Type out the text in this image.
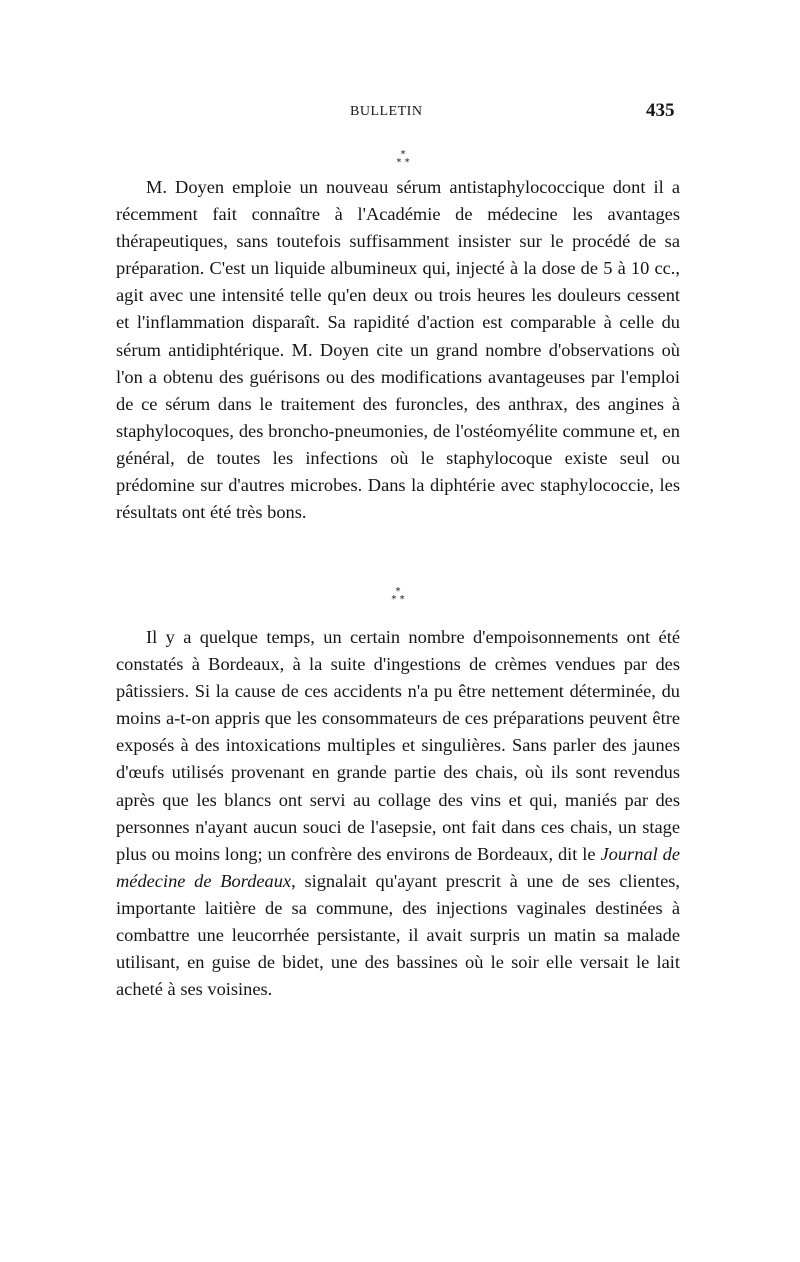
BULLETIN	435
*
* *

M. Doyen emploie un nouveau sérum antistaphylococcique dont il a récemment fait connaître à l'Académie de médecine les avantages thérapeutiques, sans toutefois suffisamment insister sur le procédé de sa préparation. C'est un liquide albumineux qui, injecté à la dose de 5 à 10 cc., agit avec une intensité telle qu'en deux ou trois heures les douleurs cessent et l'inflammation disparaît. Sa rapidité d'action est comparable à celle du sérum antidiphtérique. M. Doyen cite un grand nombre d'observations où l'on a obtenu des guérisons ou des modifications avantageuses par l'emploi de ce sérum dans le traitement des furoncles, des anthrax, des angines à staphylocoques, des broncho-pneumonies, de l'ostéomyélite commune et, en général, de toutes les infections où le staphylocoque existe seul ou prédomine sur d'autres microbes. Dans la diphtérie avec staphylococcie, les résultats ont été très bons.

*
* *

Il y a quelque temps, un certain nombre d'empoisonnements ont été constatés à Bordeaux, à la suite d'ingestions de crèmes vendues par des pâtissiers. Si la cause de ces accidents n'a pu être nettement déterminée, du moins a-t-on appris que les consommateurs de ces préparations peuvent être exposés à des intoxications multiples et singulières. Sans parler des jaunes d'œufs utilisés provenant en grande partie des chais, où ils sont revendus après que les blancs ont servi au collage des vins et qui, maniés par des personnes n'ayant aucun souci de l'asepsie, ont fait dans ces chais, un stage plus ou moins long; un confrère des environs de Bordeaux, dit le Journal de médecine de Bordeaux, signalait qu'ayant prescrit à une de ses clientes, importante laitière de sa commune, des injections vaginales destinées à combattre une leucorrhée persistante, il avait surpris un matin sa malade utilisant, en guise de bidet, une des bassines où le soir elle versait le lait acheté à ses voisines.
